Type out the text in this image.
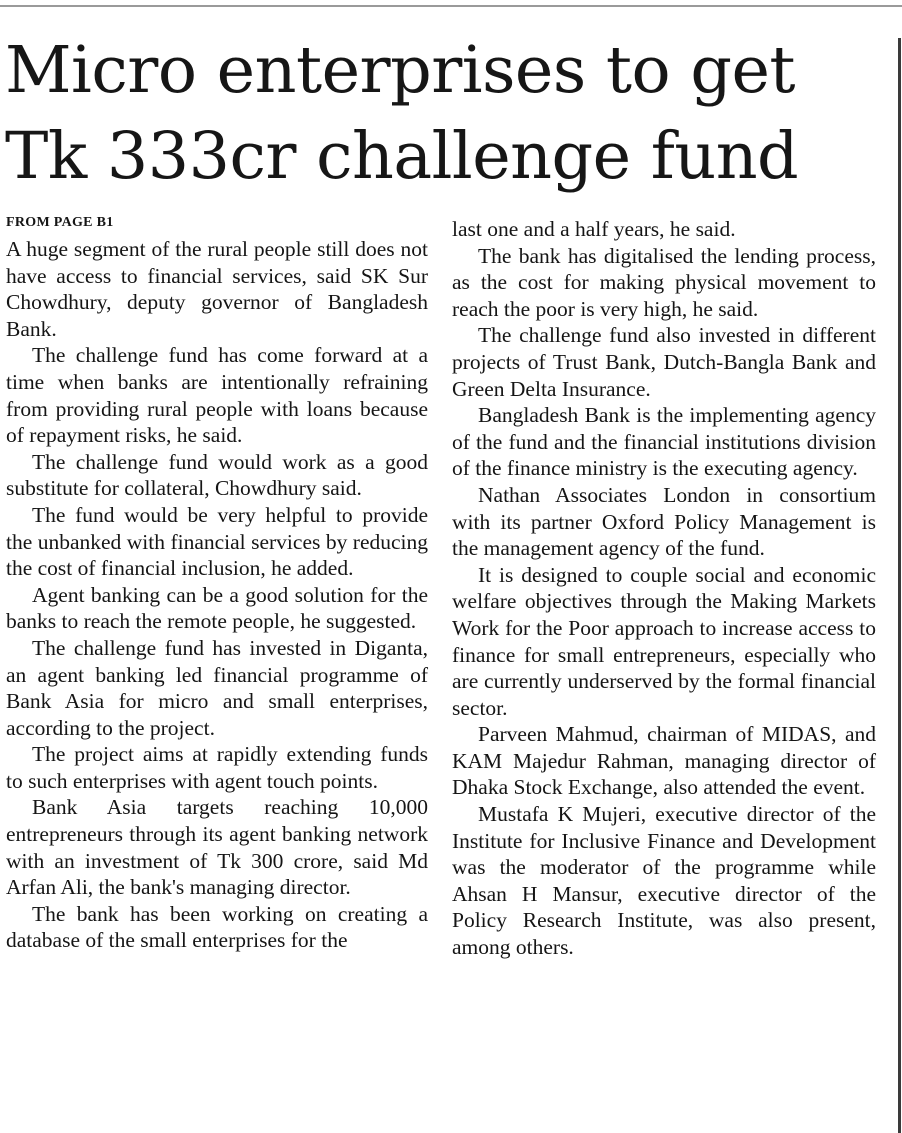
Micro enterprises to get
Tk 333cr challenge fund
FROM PAGE B1

A huge segment of the rural people still does not have access to financial services, said SK Sur Chowdhury, deputy governor of Bangladesh Bank.

The challenge fund has come forward at a time when banks are intentionally refraining from providing rural people with loans because of repayment risks, he said.

The challenge fund would work as a good substitute for collateral, Chowdhury said.

The fund would be very helpful to provide the unbanked with financial services by reducing the cost of financial inclusion, he added.

Agent banking can be a good solution for the banks to reach the remote people, he suggested.

The challenge fund has invested in Diganta, an agent banking led financial programme of Bank Asia for micro and small enterprises, according to the project.

The project aims at rapidly extending funds to such enterprises with agent touch points.

Bank Asia targets reaching 10,000 entrepreneurs through its agent banking network with an investment of Tk 300 crore, said Md Arfan Ali, the bank's managing director.

The bank has been working on creating a database of the small enterprises for the

last one and a half years, he said.

The bank has digitalised the lending process, as the cost for making physical movement to reach the poor is very high, he said.

The challenge fund also invested in different projects of Trust Bank, Dutch-Bangla Bank and Green Delta Insurance.

Bangladesh Bank is the implementing agency of the fund and the financial institutions division of the finance ministry is the executing agency.

Nathan Associates London in consortium with its partner Oxford Policy Management is the management agency of the fund.

It is designed to couple social and economic welfare objectives through the Making Markets Work for the Poor approach to increase access to finance for small entrepreneurs, especially who are currently underserved by the formal financial sector.

Parveen Mahmud, chairman of MIDAS, and KAM Majedur Rahman, managing director of Dhaka Stock Exchange, also attended the event.

Mustafa K Mujeri, executive director of the Institute for Inclusive Finance and Development was the moderator of the programme while Ahsan H Mansur, executive director of the Policy Research Institute, was also present, among others.
